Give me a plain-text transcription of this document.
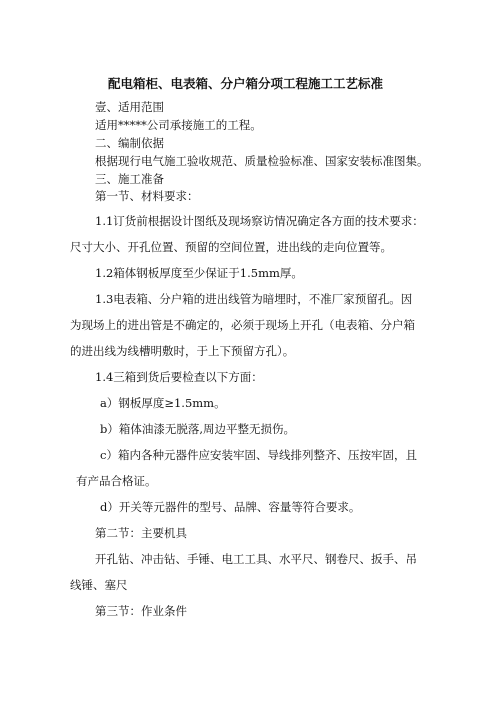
配电箱柜、电表箱、分户箱分项工程施工工艺标准
壹、适用范围
适用*****公司承接施工的工程。
二、编制依据
根据现行电气施工验收规范、质量检验标准、国家安装标准图集。
三、施工准备
第一节、材料要求：
1.1订货前根据设计图纸及现场察访情况确定各方面的技术要求：
尺寸大小、开孔位置、预留的空间位置，进出线的走向位置等。
1.2箱体钢板厚度至少保证于1.5mm厚。
1.3电表箱、分户箱的进出线管为暗埋时，不准厂家预留孔。因
为现场上的进出管是不确定的，必须于现场上开孔（电表箱、分户箱
的进出线为线槽明敷时，于上下预留方孔）。
1.4三箱到货后要检查以下方面：
a）钢板厚度≥1.5mm。
b）箱体油漆无脱落,周边平整无损伤。
c）箱内各种元器件应安装牢固、导线排列整齐、压按牢固，且
有产品合格证。
d）开关等元器件的型号、品牌、容量等符合要求。
第二节：主要机具
开孔钻、冲击钻、手锤、电工工具、水平尺、钢卷尺、扳手、吊
线锤、塞尺
第三节：作业条件
